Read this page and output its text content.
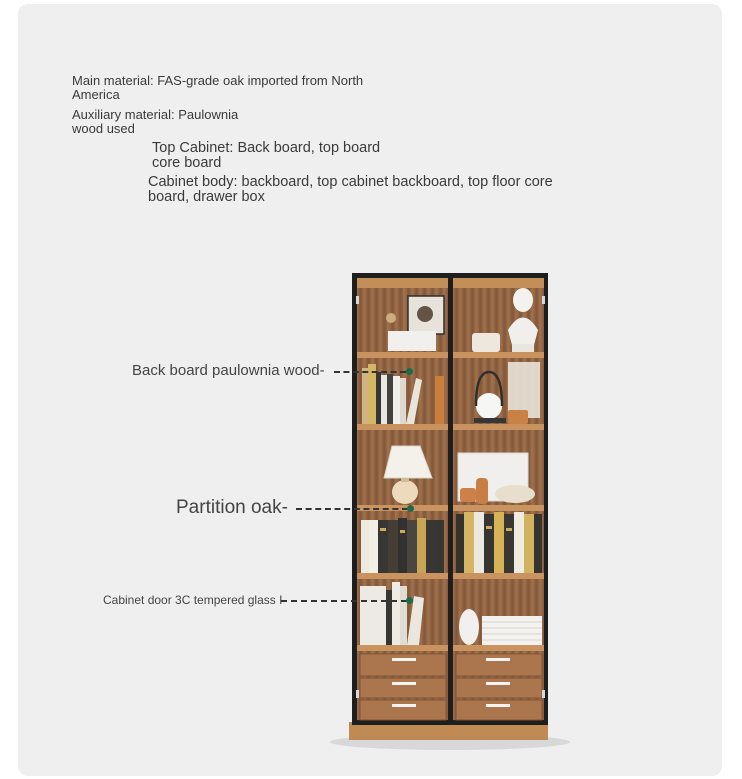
Main material: FAS-grade oak imported from North America
Auxiliary material: Paulownia wood used
Top Cabinet: Back board, top board core board
Cabinet body: backboard, top cabinet backboard, top floor core board, drawer box
Back board paulownia wood-
Partition oak-
Cabinet door 3C tempered glass I
